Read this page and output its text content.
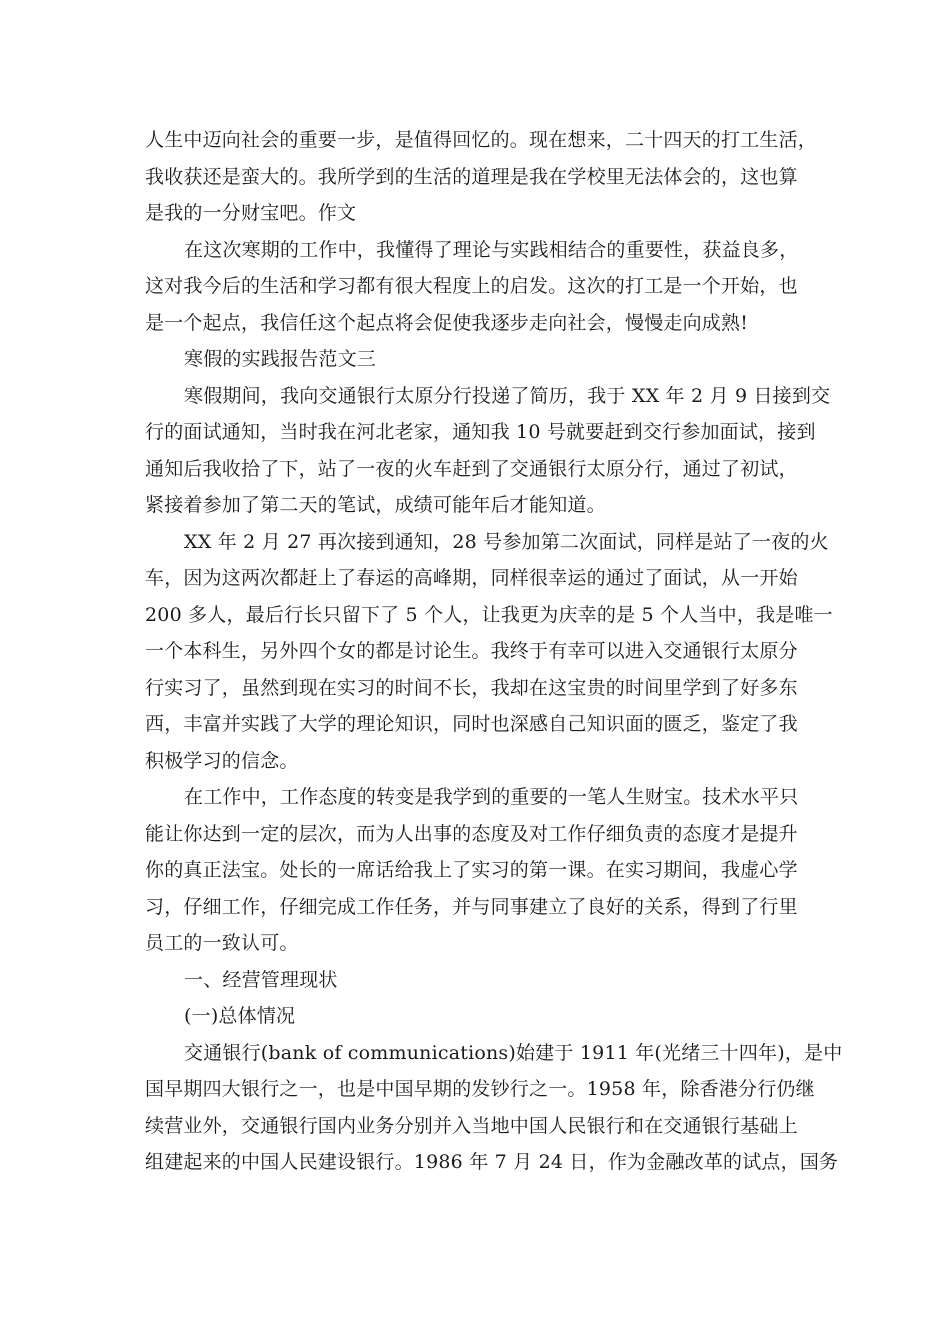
人生中迈向社会的重要一步，是值得回忆的。现在想来，二十四天的打工生活，
我收获还是蛮大的。我所学到的生活的道理是我在学校里无法体会的，这也算
是我的一分财宝吧。作文
在这次寒期的工作中，我懂得了理论与实践相结合的重要性，获益良多，
这对我今后的生活和学习都有很大程度上的启发。这次的打工是一个开始，也
是一个起点，我信任这个起点将会促使我逐步走向社会，慢慢走向成熟!
寒假的实践报告范文三
寒假期间，我向交通银行太原分行投递了简历，我于 XX 年 2 月 9 日接到交
行的面试通知，当时我在河北老家，通知我 10 号就要赶到交行参加面试，接到
通知后我收拾了下，站了一夜的火车赶到了交通银行太原分行，通过了初试，
紧接着参加了第二天的笔试，成绩可能年后才能知道。
XX 年 2 月 27 再次接到通知，28 号参加第二次面试，同样是站了一夜的火
车，因为这两次都赶上了春运的高峰期，同样很幸运的通过了面试，从一开始
200 多人，最后行长只留下了 5 个人，让我更为庆幸的是 5 个人当中，我是唯一
一个本科生，另外四个女的都是讨论生。我终于有幸可以进入交通银行太原分
行实习了，虽然到现在实习的时间不长，我却在这宝贵的时间里学到了好多东
西，丰富并实践了大学的理论知识，同时也深感自己知识面的匮乏，鉴定了我
积极学习的信念。
在工作中，工作态度的转变是我学到的重要的一笔人生财宝。技术水平只
能让你达到一定的层次，而为人出事的态度及对工作仔细负责的态度才是提升
你的真正法宝。处长的一席话给我上了实习的第一课。在实习期间，我虚心学
习，仔细工作，仔细完成工作任务，并与同事建立了良好的关系，得到了行里
员工的一致认可。
一、经营管理现状
(一)总体情况
交通银行(bank of communications)始建于 1911 年(光绪三十四年)，是中
国早期四大银行之一，也是中国早期的发钞行之一。1958 年，除香港分行仍继
续营业外，交通银行国内业务分别并入当地中国人民银行和在交通银行基础上
组建起来的中国人民建设银行。1986 年 7 月 24 日，作为金融改革的试点，国务
